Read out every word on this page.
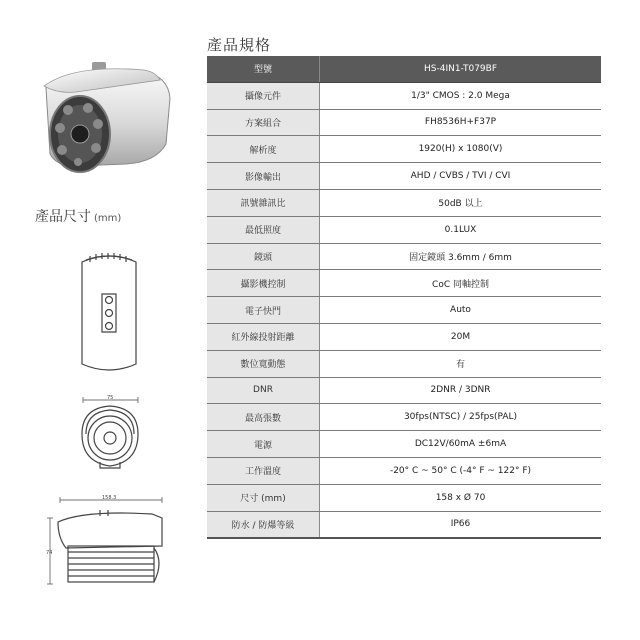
產品規格
型號	HS-4IN1-T079BF
攝像元件	1/3" CMOS : 2.0 Mega
方案組合	FH8536H+F37P
解析度	1920(H) x 1080(V)
影像輸出	AHD / CVBS / TVI / CVI
訊號雜訊比	50dB 以上
最低照度	0.1LUX
鏡頭	固定鏡頭 3.6mm / 6mm
攝影機控制	CoC 同軸控制
電子快門	Auto
紅外線投射距離	20M
數位寬動態	有
DNR	2DNR / 3DNR
最高張數	30fps(NTSC) / 25fps(PAL)
電源	DC12V/60mA ±6mA
工作溫度	-20° C ~ 50° C (-4° F ~ 122° F)
尺寸 (mm)	158 x Ø 70
防水 / 防爆等級	IP66
產品尺寸 (mm)
75
158.3
74
